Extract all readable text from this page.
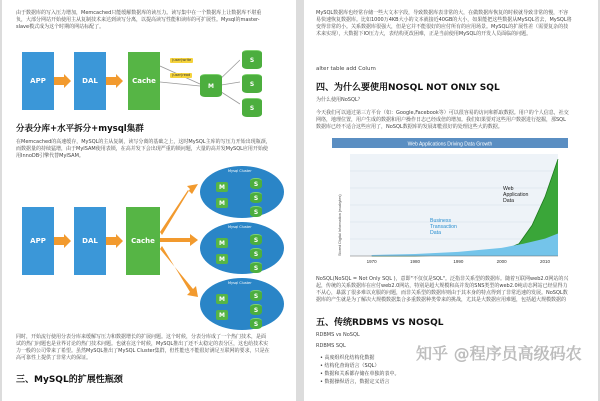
由于数据库的写入压力增加，Memcached只能缓解数据库的读压力。读写集中在一个数据库上让数据库不堪重
负，大部分网站开始使用主从复制技术来达到读写分离，以提高读写性能和读库的可扩展性。Mysql的master-
slave模式成为这个时期的网站标配了。
APP	DAL	Cache
(user)write
(user)read
M
S
S
S
分表分库+水平拆分+mysql集群
在Memcached的高速缓存，MySQL的主从复制，读写分离的基础之上，这时MySQL主库的写压力开始出现瓶颈，
而数据量的持续猛增，由于MyISAM使用表锁，在高并发下会出现严重的锁问题，大量的高并发MySQL应用开始使
用InnoDB引擎代替MyISAM。
APP	DAL	Cache
Mysql Cluster
M
M
S
S
S
Mysql Cluster
M
M
S
S
S
Mysql Cluster
M
M
S
S
S
同时，开始流行使用分表分库来缓解写压力和数据增长的扩展问题。这个时候，分表分库成了一个热门技术，是面
试的热门问题也是业界讨论的热门技术问题。也就在这个时候，MySQL推出了还不太稳定的表分区，这也给技术实
力一般的公司带来了希望。虽然MySQL推出了MySQL Cluster集群，但性能也不能很好满足互联网的要求，只是在
高可靠性上提供了非常大的保证。
三、MySQL的扩展性瓶颈
MySQL数据库也经常存储一些大文本字段，导致数据库表非常的大，在做数据库恢复的时候就导致非常的慢，不容
易快速恢复数据库。比如1000万4KB大小的文本就接近40GB的大小，如果能把这些数据从MySQL省去，MySQL将
变得非常的小。关系数据库很强大，但是它并不能很好的应付所有的应用场景。MySQL的扩展性差（需要复杂的技
术来实现），大数据下IO压力大，表结构更改困难，正是当前使用MySQL的开发人员面临的问题。
alter table add Colum
四、为什么要使用NOSQL NOT ONLY SQL
为什么使用NoSQL？
今天我们可以通过第三方平台（如：Google,Facebook等）可以很容易的访问和抓取数据。用户的个人信息，社交
网络，地理位置，用户生成的数据和用户操作日志已经成倍的增加。我们如果要对这些用户数据进行挖掘，那SQL
数据库已经不适合这些应用了，NoSQL数据库的发展却能很好的处理这些大的数据。
Web Applications Driving Data Growth
1970	1980	1990	2000	2010
Stored Digital Information (exabytes)
Web Application Data
Business Transaction Data
NoSQL(NoSQL = Not Only SQL )，意即"不仅仅是SQL"。泛指非关系型的数据库。随着互联网web2.0网站的兴
起，传统的关系数据库在应付web2.0网站，特别是超大规模和高并发的SNS类型的web2.0纯动态网站已经显得力
不从心，暴露了很多难以克服的问题，而非关系型的数据库则由于其本身的特点得到了非常迅速的发展。NoSQL数
据库的产生就是为了解决大规模数据集合多重数据种类带来的挑战，尤其是大数据应用难题，包括超大规模数据的
五、传统RDBMS VS NOSQL
RDBMS vs NoSQL
RDBMS SQL
• 高度组织化结构化数据
• 结构化查询语言（SQL）
• 数据和关系都存储在单独的表中。
• 数据操纵语言，数据定义语言
知乎 @程序员高级码农
